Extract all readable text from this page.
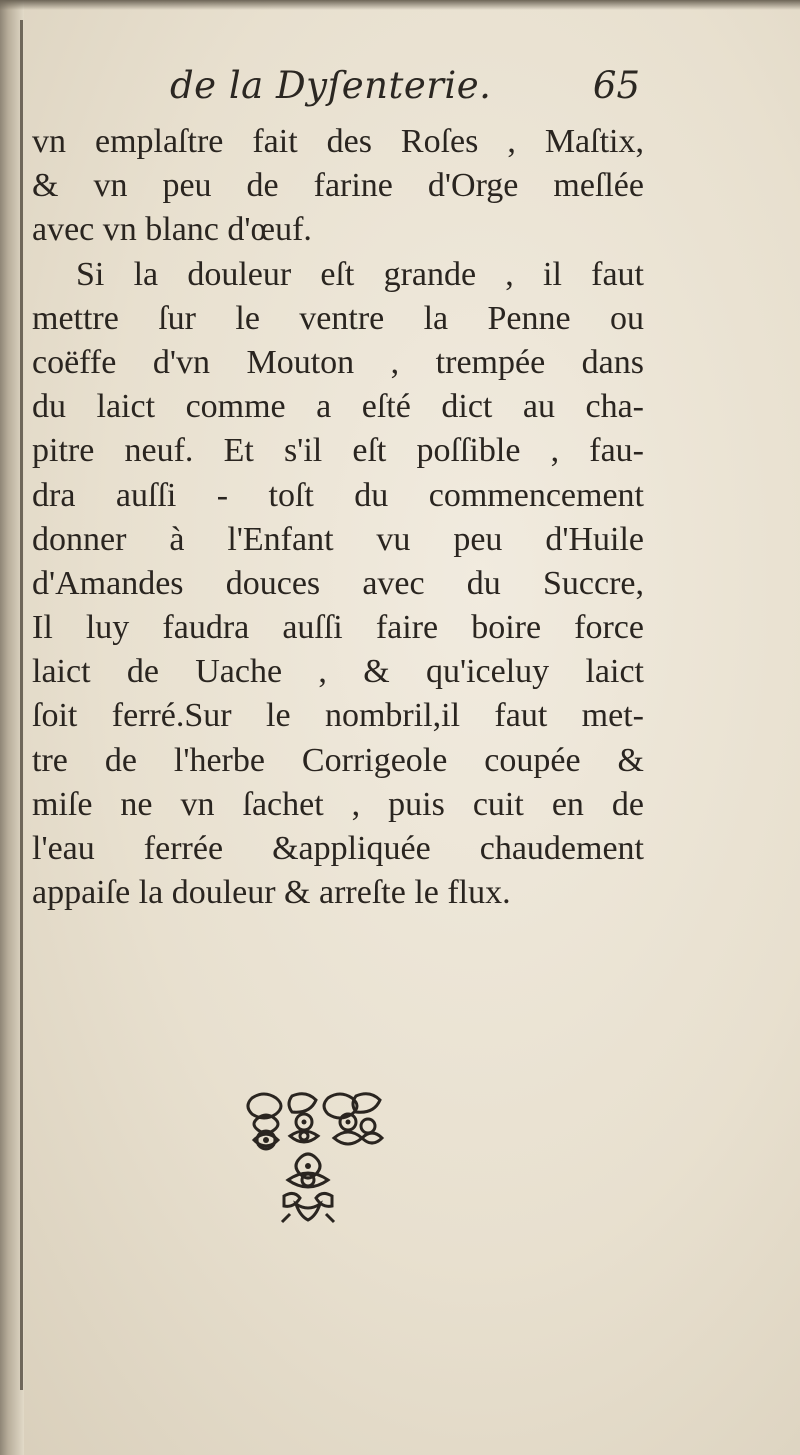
de la Dyſenterie.	65
vn emplaſtre fait des Roſes , Maſtix,
& vn peu de farine d'Orge meſlée
avec vn blanc d'œuf.
Si la douleur eſt grande , il faut
mettre ſur le ventre la Penne ou
coëffe d'vn Mouton , trempée dans
du laict comme a eſté dict au cha-
pitre neuf. Et s'il eſt poſſible , fau-
dra auſſi - toſt du commencement
donner à l'Enfant vu peu d'Huile
d'Amandes douces avec du Succre,
Il luy faudra auſſi faire boire force
laict de Uache , & qu'iceluy laict
ſoit ferré.Sur le nombril,il faut met-
tre de l'herbe Corrigeole coupée &
miſe ne vn ſachet , puis cuit en de
l'eau ferrée &appliquée chaudement
appaiſe la douleur & arreſte le flux.
